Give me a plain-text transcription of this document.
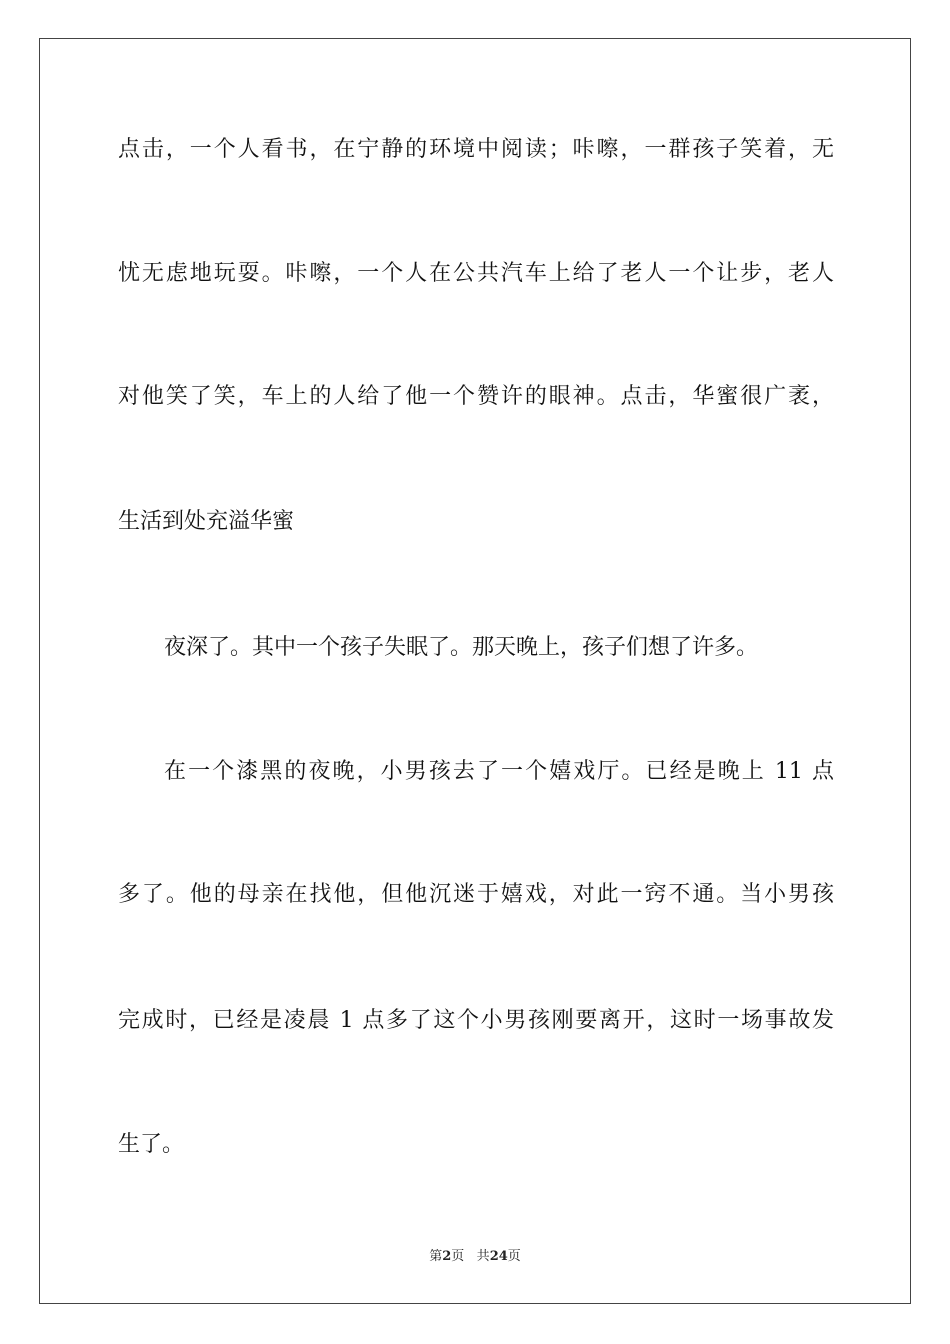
点击，一个人看书，在宁静的环境中阅读；咔嚓，一群孩子笑着，无
忧无虑地玩耍。咔嚓，一个人在公共汽车上给了老人一个让步，老人
对他笑了笑，车上的人给了他一个赞许的眼神。点击，华蜜很广袤，
生活到处充溢华蜜
夜深了。其中一个孩子失眠了。那天晚上，孩子们想了许多。
在一个漆黑的夜晚，小男孩去了一个嬉戏厅。已经是晚上 11 点
多了。他的母亲在找他，但他沉迷于嬉戏，对此一窍不通。当小男孩
完成时，已经是凌晨 1 点多了这个小男孩刚要离开，这时一场事故发
生了。
第2页 共24页
